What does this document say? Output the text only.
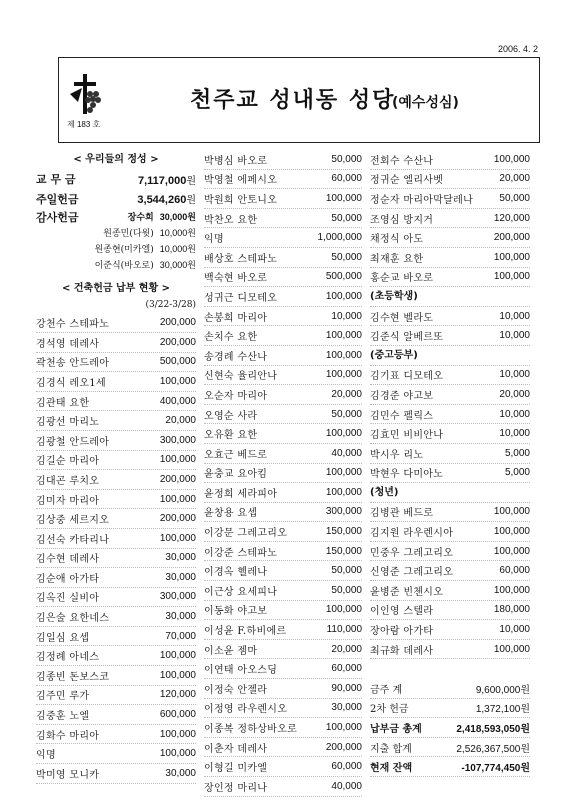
2006. 4. 2
제 183 호
천주교 성내동 성당
(예수성심)
< 우리들의 정성 >
교 무 금	7,117,000원
주일헌금	3,544,260원
감사헌금	장수희 30,000원
원종민(다윗) 10,000원
원종현(미카엘) 10,000원
이준식(바오로) 30,000원
< 건축헌금 납부 현황 >
(3/22-3/28)
강천수 스테파노	200,000
경석영 데레사	200,000
곽천송 안드레아	500,000
김경식 레오1세	100,000
김관태 요한	400,000
김광선 마리노	20,000
김광철 안드레아	300,000
김길순 마리아	100,000
김대곤 루치오	200,000
김미자 마리아	100,000
김상중 세르지오	200,000
김선숙 카타리나	100,000
김수현 데레사	30,000
김순애 아가타	30,000
김옥진 실비아	300,000
김은술 요한네스	30,000
김일심 요셉	70,000
김정례 아네스	100,000
김종빈 돈보스코	100,000
김주민 루가	120,000
김중훈 노엘	600,000
김화수 마리아	100,000
익명	100,000
박미영 모니카	30,000
박병심 바오로	50,000
박영철 에페시오	60,000
박원희 안토니오	100,000
박찬오 요한	50,000
익명	1,000,000
배상호 스테파노	50,000
백숙현 바오로	500,000
성귀근 디모테오	100,000
손봉희 마리아	10,000
손치수 요한	100,000
송경례 수산나	100,000
신현숙 율리안나	100,000
오순자 마리아	20,000
오영순 사라	50,000
오유환 요한	100,000
오효근 베드로	40,000
윤충교 요아킴	100,000
윤정희 세라피아	100,000
윤창용 요셉	300,000
이강문 그레고리오	150,000
이강준 스테파노	150,000
이경옥 헬레나	50,000
이근상 요세피나	50,000
이동화 야고보	100,000
이성윤 F.하비에르	110,000
이소윤 젬마	20,000
이연태 아오스딩	60,000
이정숙 안젤라	90,000
이정영 라우렌시오	30,000
이종복 정하상바오로	100,000
이춘자 데레사	200,000
이형길 미카엘	60,000
장인정 마리나	40,000
전회수 수산나	100,000
정귀순 엘리사벳	20,000
정순자 마리아막달레나	50,000
조영심 방지거	120,000
채정식 아도	200,000
최재훈 요한	100,000
홍순교 바오로	100,000
(초등학생)
김수현 벨라도	10,000
김준식 알베르또	10,000
(중고등부)
김기표 디모테오	10,000
김경준 야고보	20,000
김민수 펠릭스	10,000
김효민 비비안나	10,000
박시우 리노	5,000
박현우 다미아노	5,000
(청년)
김병관 베드로	100,000
김지원 라우렌시아	100,000
민중우 그레고리오	100,000
신영준 그레고리오	60,000
윤병준 빈첸시오	100,000
이인영 스텔라	180,000
장아람 아가타	10,000
최규화 데레사	100,000
금주 계	9,600,000원
2차 헌금	1,372,100원
납부금 총계	2,418,593,050원
지출 합계	2,526,367,500원
현재 잔액	-107,774,450원
